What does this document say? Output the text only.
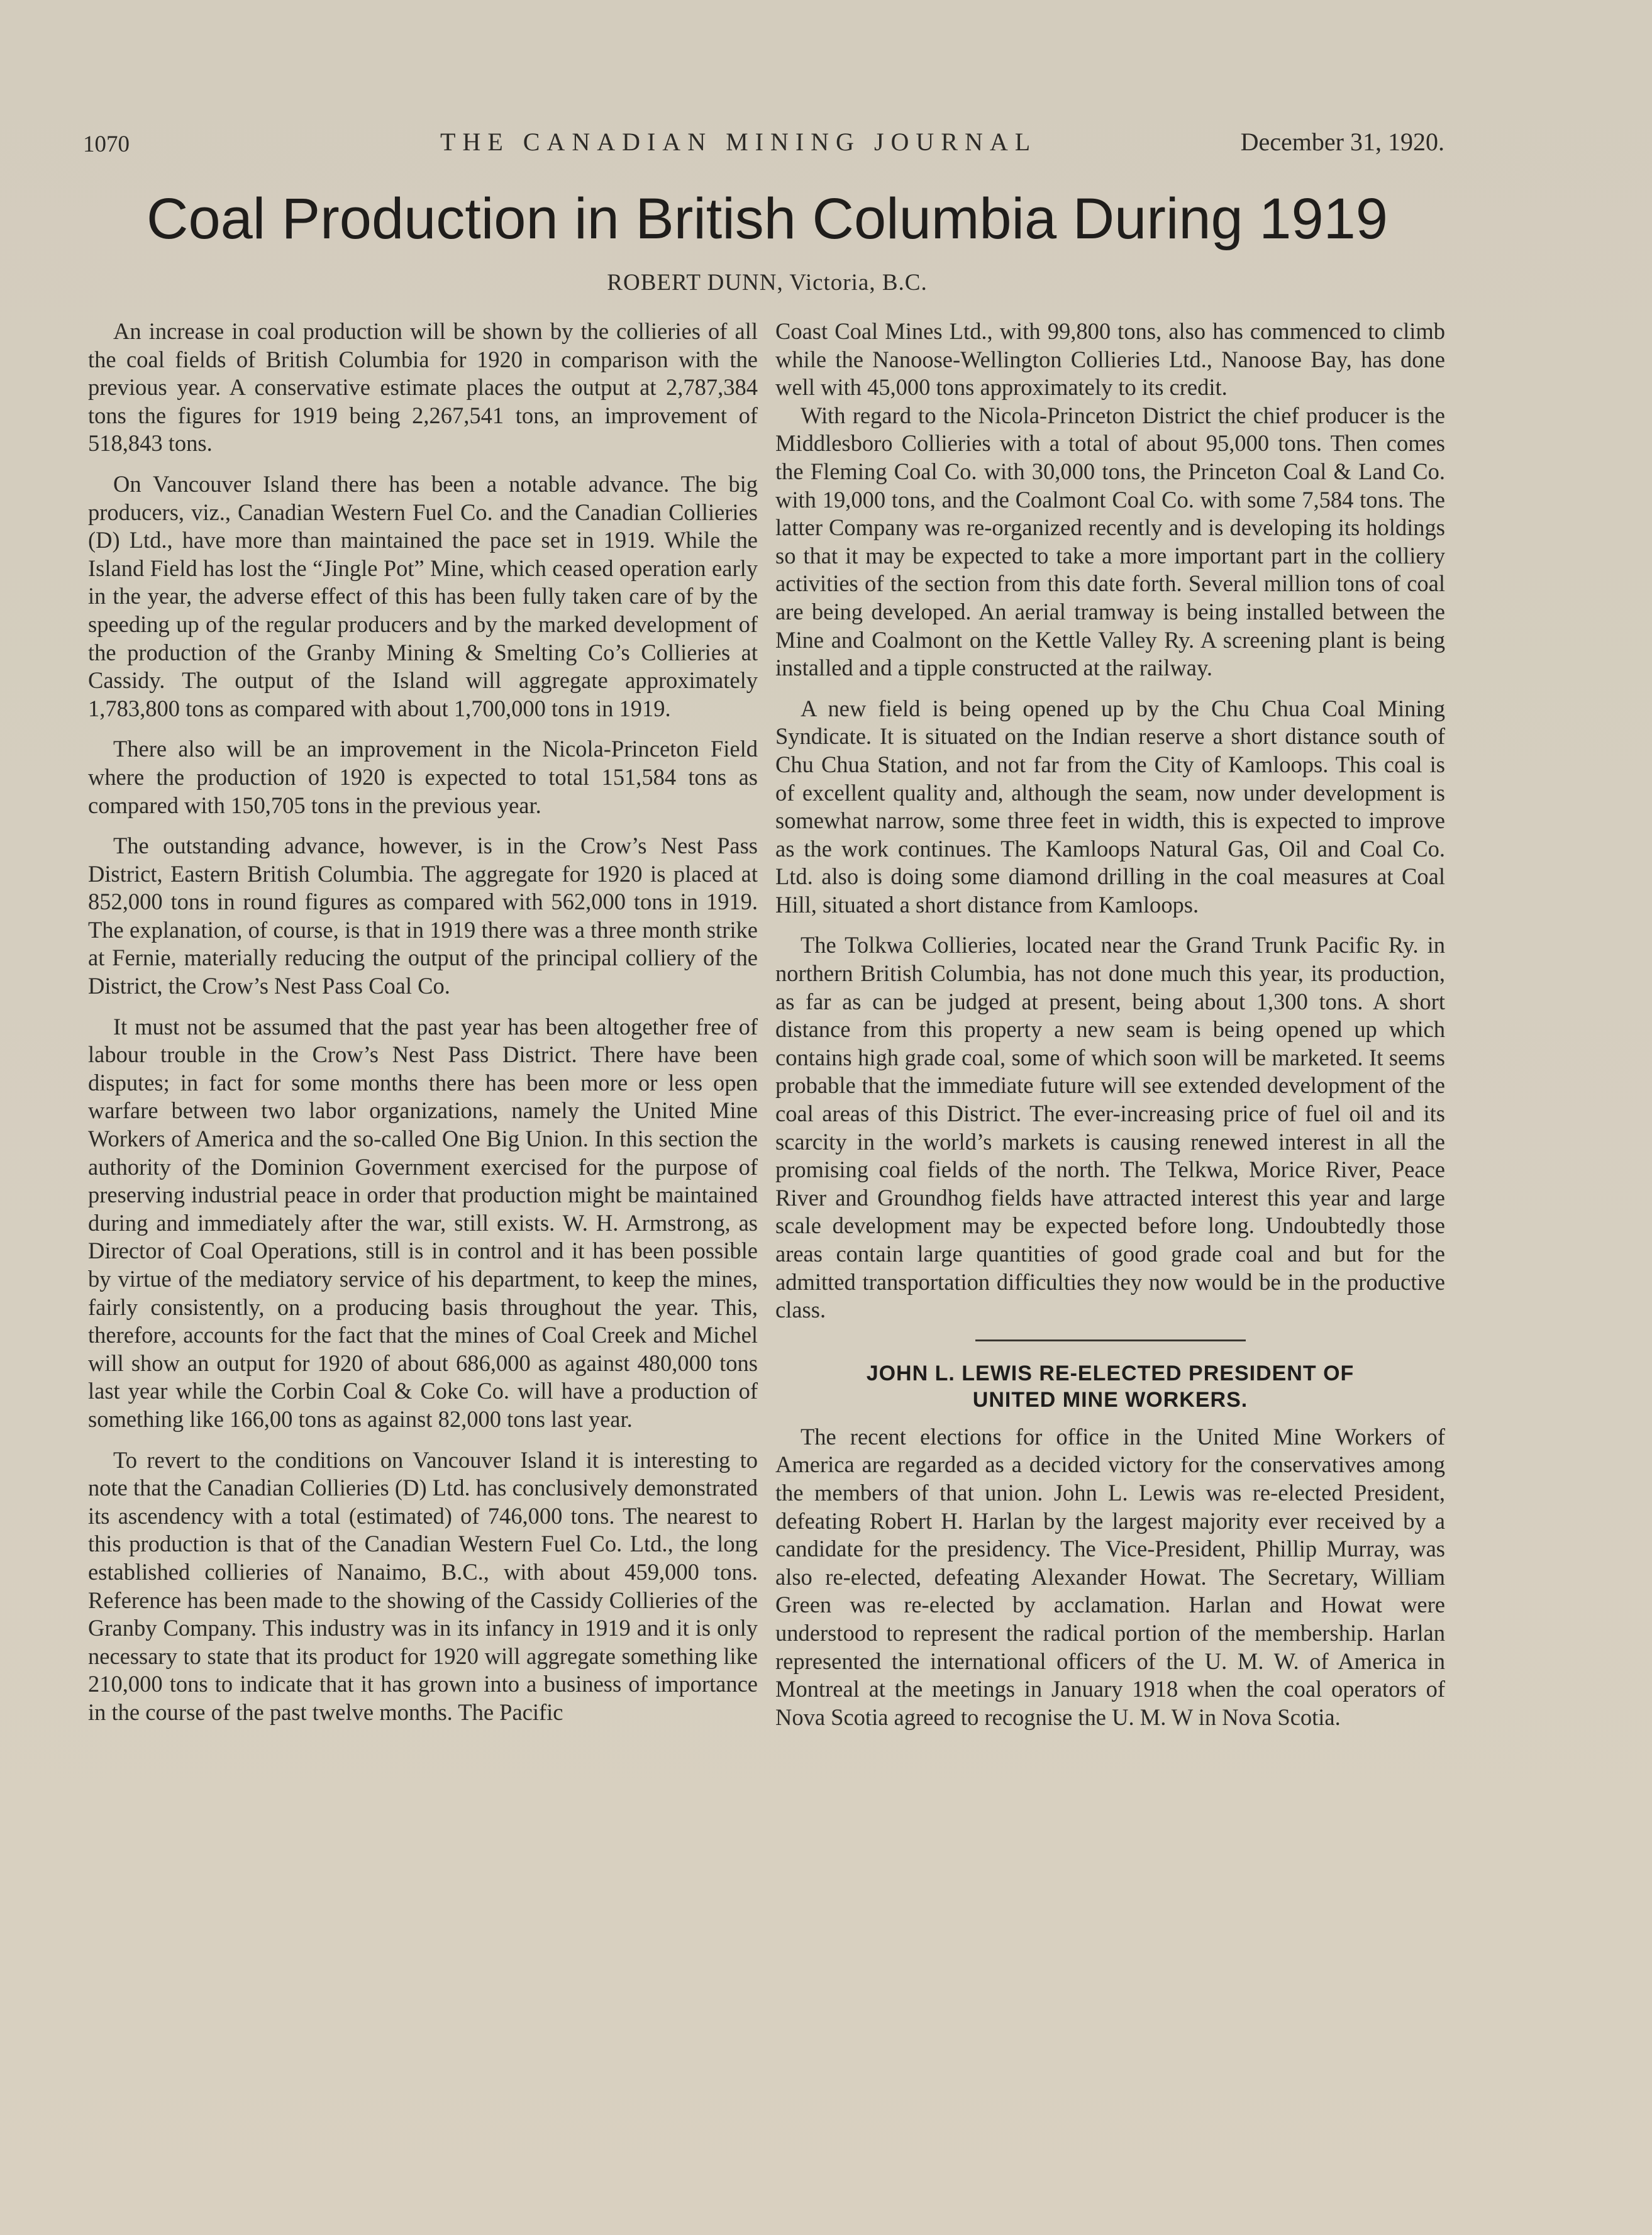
1070	THE CANADIAN MINING JOURNAL	December 31, 1920.
Coal Production in British Columbia During 1919
ROBERT DUNN, Victoria, B.C.

An increase in coal production will be shown by the collieries of all the coal fields of British Columbia for 1920 in comparison with the previous year. A conservative estimate places the output at 2,787,384 tons the figures for 1919 being 2,267,541 tons, an improvement of 518,843 tons.

On Vancouver Island there has been a notable advance. The big producers, viz., Canadian Western Fuel Co. and the Canadian Collieries (D) Ltd., have more than maintained the pace set in 1919. While the Island Field has lost the “Jingle Pot” Mine, which ceased operation early in the year, the adverse effect of this has been fully taken care of by the speeding up of the regular producers and by the marked development of the production of the Granby Mining & Smelting Co’s Collieries at Cassidy. The output of the Island will aggregate approximately 1,783,800 tons as compared with about 1,700,000 tons in 1919.

There also will be an improvement in the Nicola-Princeton Field where the production of 1920 is expected to total 151,584 tons as compared with 150,705 tons in the previous year.

The outstanding advance, however, is in the Crow’s Nest Pass District, Eastern British Columbia. The aggregate for 1920 is placed at 852,000 tons in round figures as compared with 562,000 tons in 1919. The explanation, of course, is that in 1919 there was a three month strike at Fernie, materially reducing the output of the principal colliery of the District, the Crow’s Nest Pass Coal Co.

It must not be assumed that the past year has been altogether free of labour trouble in the Crow’s Nest Pass District. There have been disputes; in fact for some months there has been more or less open warfare between two labor organizations, namely the United Mine Workers of America and the so-called One Big Union. In this section the authority of the Dominion Government exercised for the purpose of preserving industrial peace in order that production might be maintained during and immediately after the war, still exists. W. H. Armstrong, as Director of Coal Operations, still is in control and it has been possible by virtue of the mediatory service of his department, to keep the mines, fairly consistently, on a producing basis throughout the year. This, therefore, accounts for the fact that the mines of Coal Creek and Michel will show an output for 1920 of about 686,000 as against 480,000 tons last year while the Corbin Coal & Coke Co. will have a production of something like 166,00 tons as against 82,000 tons last year.

To revert to the conditions on Vancouver Island it is interesting to note that the Canadian Collieries (D) Ltd. has conclusively demonstrated its ascendency with a total (estimated) of 746,000 tons. The nearest to this production is that of the Canadian Western Fuel Co. Ltd., the long established collieries of Nanaimo, B.C., with about 459,000 tons. Reference has been made to the showing of the Cassidy Collieries of the Granby Company. This industry was in its infancy in 1919 and it is only necessary to state that its product for 1920 will aggregate something like 210,000 tons to indicate that it has grown into a business of importance in the course of the past twelve months. The Pacific

Coast Coal Mines Ltd., with 99,800 tons, also has commenced to climb while the Nanoose-Wellington Collieries Ltd., Nanoose Bay, has done well with 45,000 tons approximately to its credit.

With regard to the Nicola-Princeton District the chief producer is the Middlesboro Collieries with a total of about 95,000 tons. Then comes the Fleming Coal Co. with 30,000 tons, the Princeton Coal & Land Co. with 19,000 tons, and the Coalmont Coal Co. with some 7,584 tons. The latter Company was re-organized recently and is developing its holdings so that it may be expected to take a more important part in the colliery activities of the section from this date forth. Several million tons of coal are being developed. An aerial tramway is being installed between the Mine and Coalmont on the Kettle Valley Ry. A screening plant is being installed and a tipple constructed at the railway.

A new field is being opened up by the Chu Chua Coal Mining Syndicate. It is situated on the Indian reserve a short distance south of Chu Chua Station, and not far from the City of Kamloops. This coal is of excellent quality and, although the seam, now under development is somewhat narrow, some three feet in width, this is expected to improve as the work continues. The Kamloops Natural Gas, Oil and Coal Co. Ltd. also is doing some diamond drilling in the coal measures at Coal Hill, situated a short distance from Kamloops.

The Tolkwa Collieries, located near the Grand Trunk Pacific Ry. in northern British Columbia, has not done much this year, its production, as far as can be judged at present, being about 1,300 tons. A short distance from this property a new seam is being opened up which contains high grade coal, some of which soon will be marketed. It seems probable that the immediate future will see extended development of the coal areas of this District. The ever-increasing price of fuel oil and its scarcity in the world’s markets is causing renewed interest in all the promising coal fields of the north. The Telkwa, Morice River, Peace River and Groundhog fields have attracted interest this year and large scale development may be expected before long. Undoubtedly those areas contain large quantities of good grade coal and but for the admitted transportation difficulties they now would be in the productive class.

JOHN L. LEWIS RE-ELECTED PRESIDENT OF
UNITED MINE WORKERS.

The recent elections for office in the United Mine Workers of America are regarded as a decided victory for the conservatives among the members of that union. John L. Lewis was re-elected President, defeating Robert H. Harlan by the largest majority ever received by a candidate for the presidency. The Vice-President, Phillip Murray, was also re-elected, defeating Alexander Howat. The Secretary, William Green was re-elected by acclamation. Harlan and Howat were understood to represent the radical portion of the membership. Harlan represented the international officers of the U. M. W. of America in Montreal at the meetings in January 1918 when the coal operators of Nova Scotia agreed to recognise the U. M. W in Nova Scotia.
